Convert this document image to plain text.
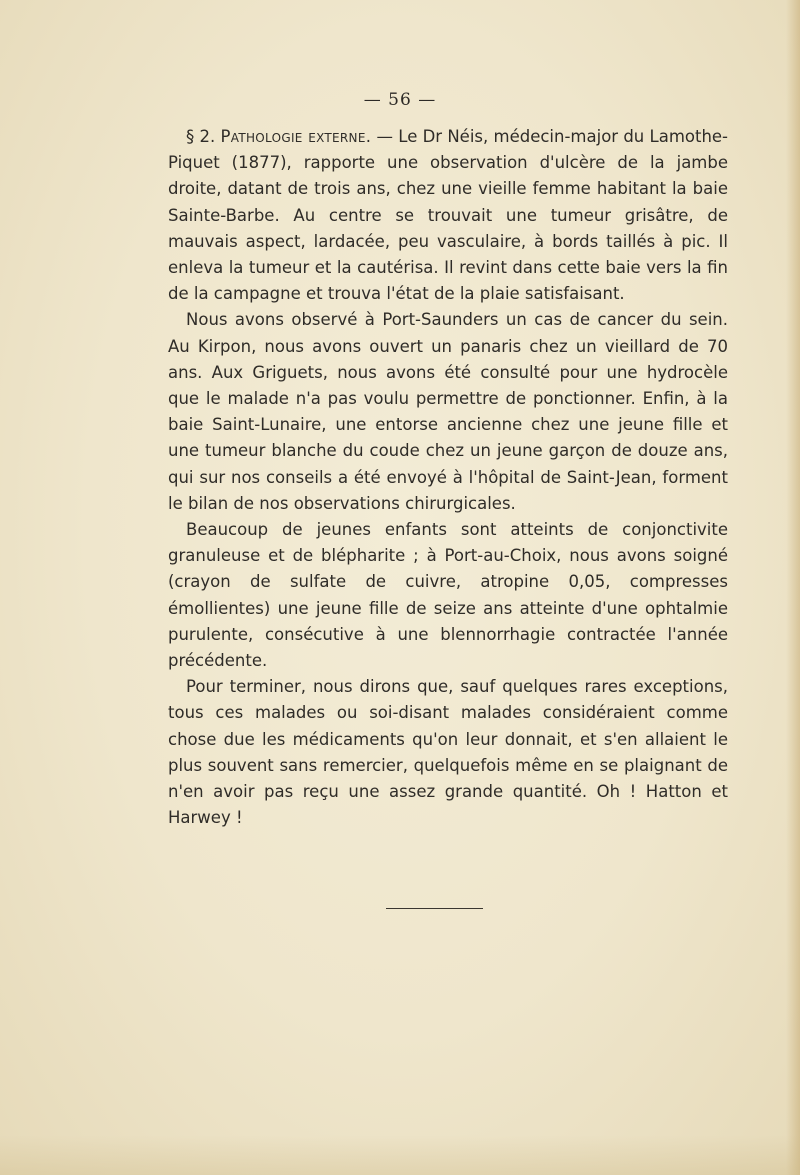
— 56 —

§ 2. Pathologie externe. — Le Dr Néis, médecin-major du Lamothe-Piquet (1877), rapporte une observation d'ulcère de la jambe droite, datant de trois ans, chez une vieille femme habitant la baie Sainte-Barbe. Au centre se trouvait une tumeur grisâtre, de mauvais aspect, lardacée, peu vasculaire, à bords taillés à pic. Il enleva la tumeur et la cautérisa. Il revint dans cette baie vers la fin de la campagne et trouva l'état de la plaie satisfaisant.

Nous avons observé à Port-Saunders un cas de cancer du sein. Au Kirpon, nous avons ouvert un panaris chez un vieillard de 70 ans. Aux Griguets, nous avons été consulté pour une hydrocèle que le malade n'a pas voulu permettre de ponctionner. Enfin, à la baie Saint-Lunaire, une entorse ancienne chez une jeune fille et une tumeur blanche du coude chez un jeune garçon de douze ans, qui sur nos conseils a été envoyé à l'hôpital de Saint-Jean, forment le bilan de nos observations chirurgicales.

Beaucoup de jeunes enfants sont atteints de conjonctivite granuleuse et de blépharite ; à Port-au-Choix, nous avons soigné (crayon de sulfate de cuivre, atropine 0,05, compresses émollientes) une jeune fille de seize ans atteinte d'une ophtalmie purulente, consécutive à une blennorrhagie contractée l'année précédente.

Pour terminer, nous dirons que, sauf quelques rares exceptions, tous ces malades ou soi-disant malades considéraient comme chose due les médicaments qu'on leur donnait, et s'en allaient le plus souvent sans remercier, quelquefois même en se plaignant de n'en avoir pas reçu une assez grande quantité. Oh ! Hatton et Harwey !
